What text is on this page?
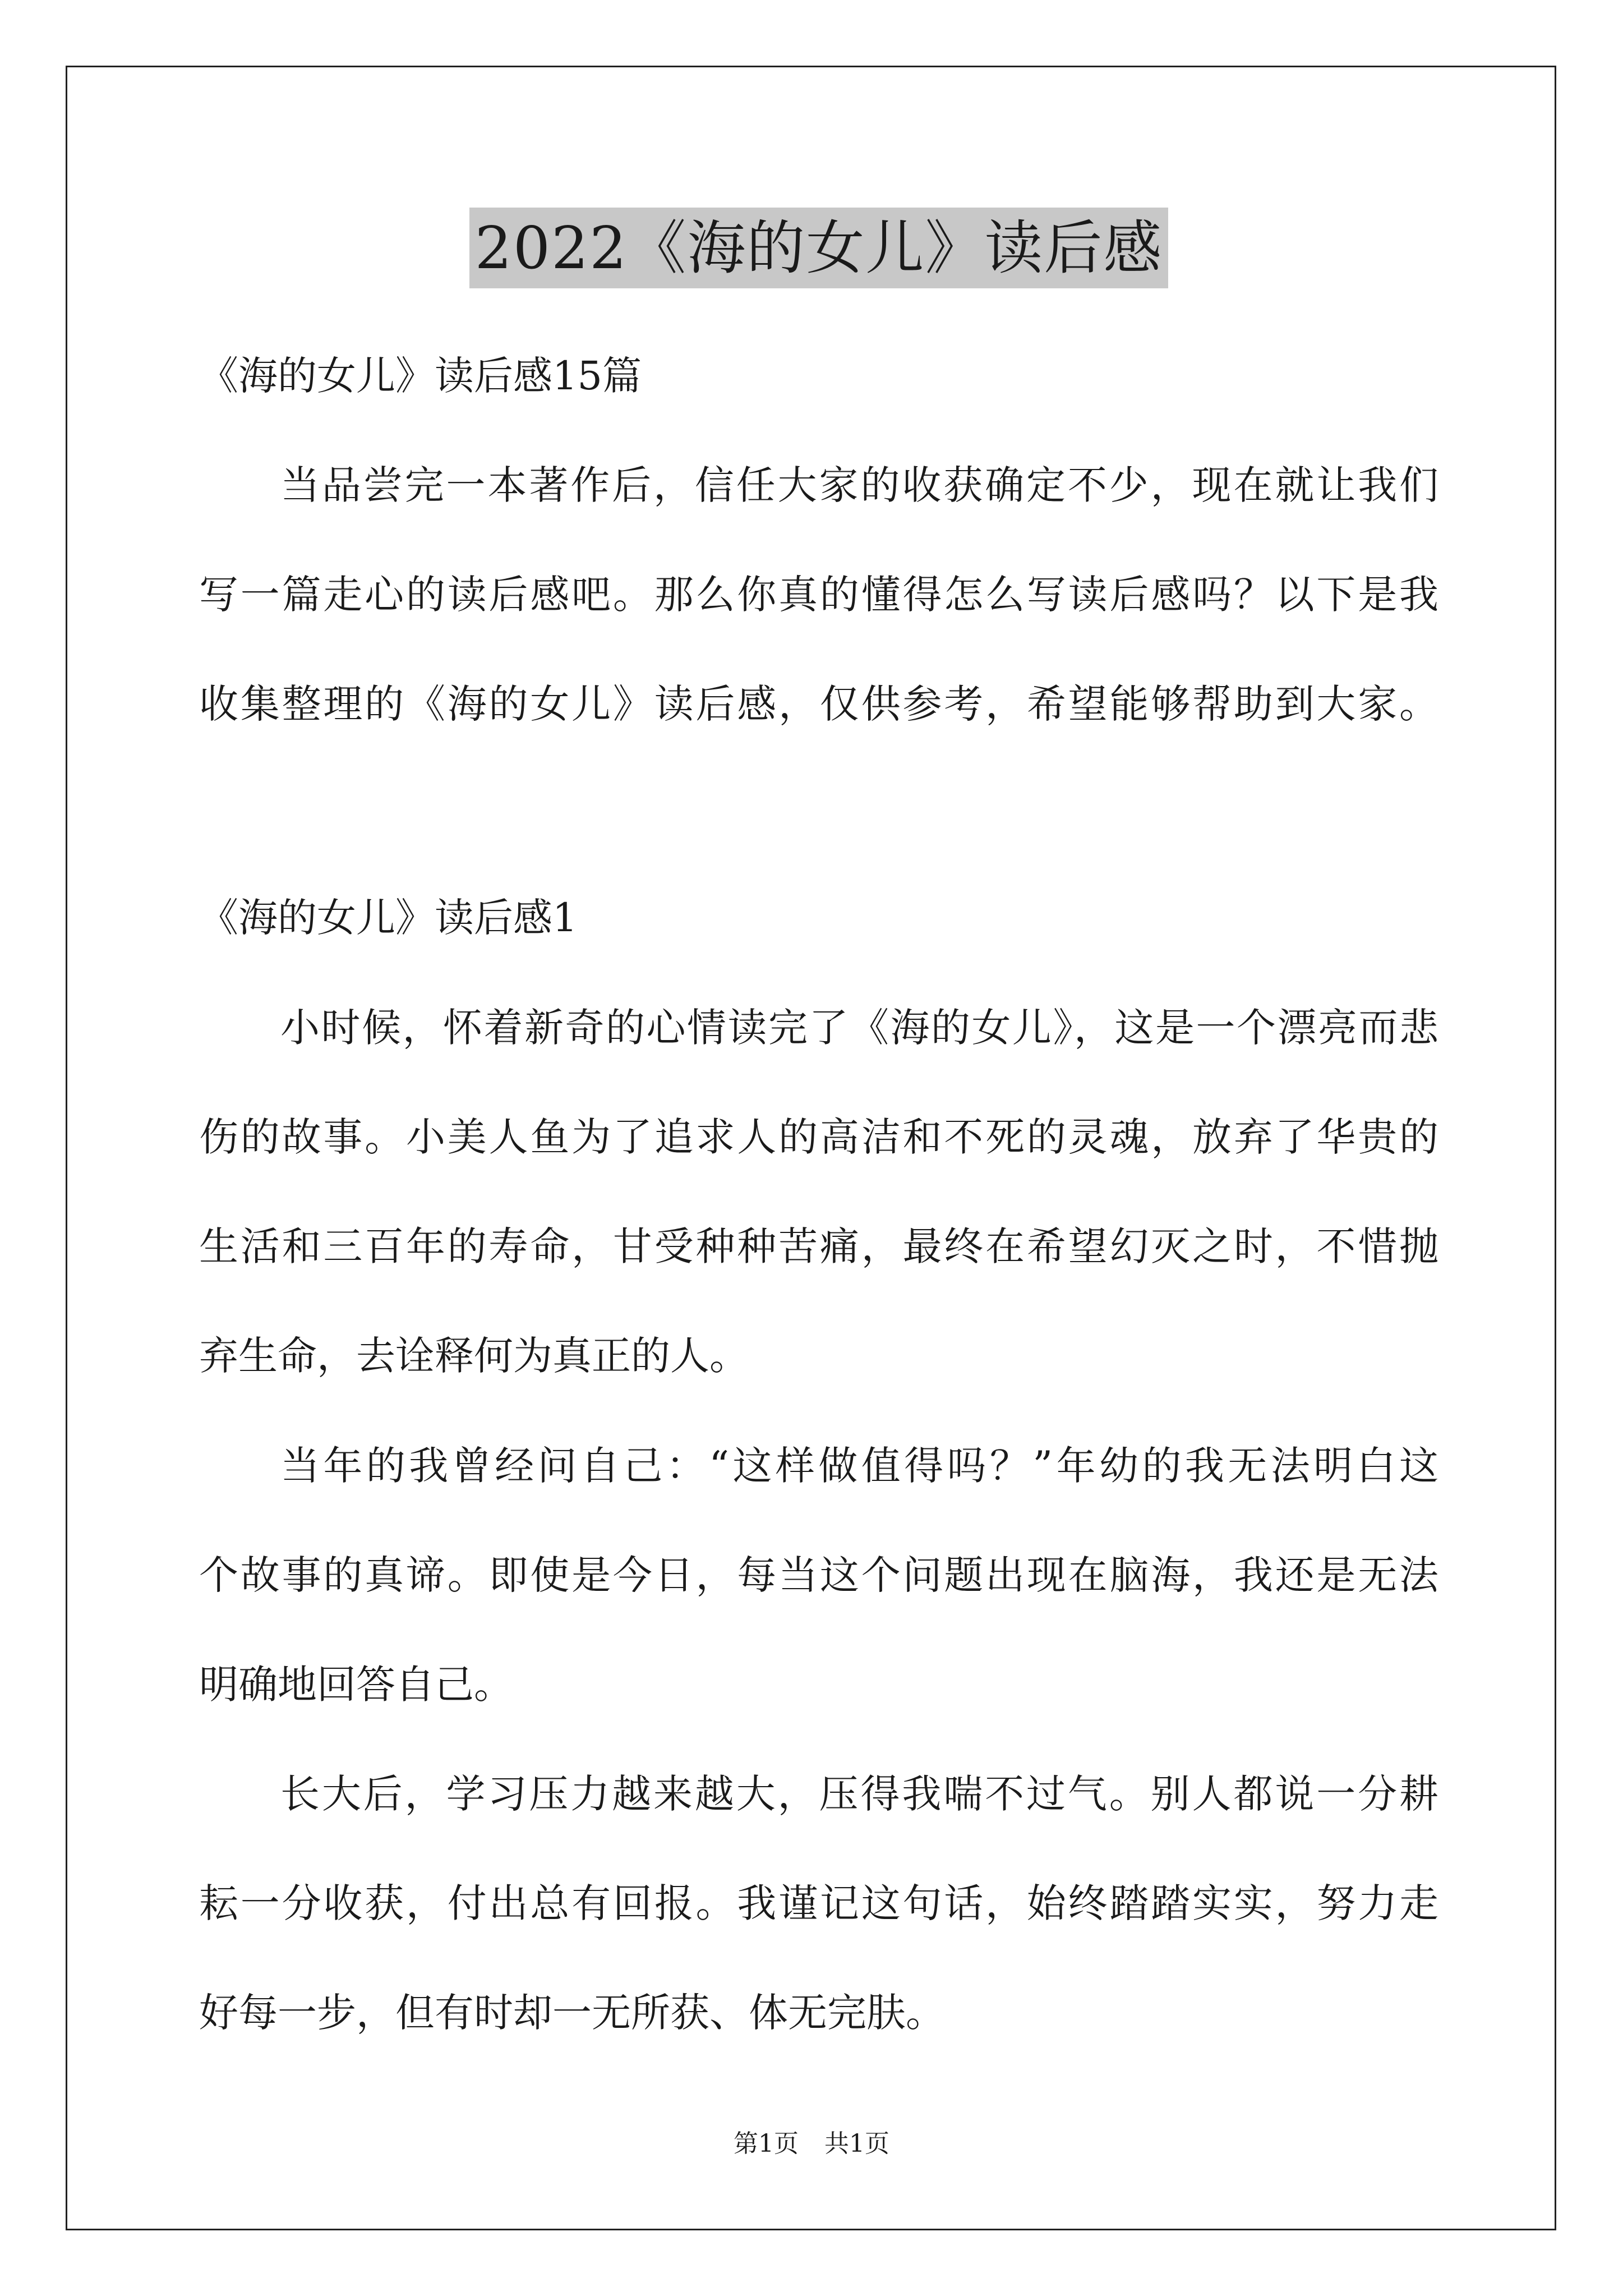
2022《海的女儿》读后感
《海的女儿》读后感15篇
当品尝完一本著作后，信任大家的收获确定不少，现在就让我们
写一篇走心的读后感吧。那么你真的懂得怎么写读后感吗？以下是我
收集整理的《海的女儿》读后感，仅供参考，希望能够帮助到大家。
《海的女儿》读后感1
小时候，怀着新奇的心情读完了《海的女儿》，这是一个漂亮而悲
伤的故事。小美人鱼为了追求人的高洁和不死的灵魂，放弃了华贵的
生活和三百年的寿命，甘受种种苦痛，最终在希望幻灭之时，不惜抛
弃生命，去诠释何为真正的人。
当年的我曾经问自己：“这样做值得吗？”年幼的我无法明白这
个故事的真谛。即使是今日，每当这个问题出现在脑海，我还是无法
明确地回答自己。
长大后，学习压力越来越大，压得我喘不过气。别人都说一分耕
耘一分收获，付出总有回报。我谨记这句话，始终踏踏实实，努力走
好每一步，但有时却一无所获、体无完肤。
第1页 共1页
